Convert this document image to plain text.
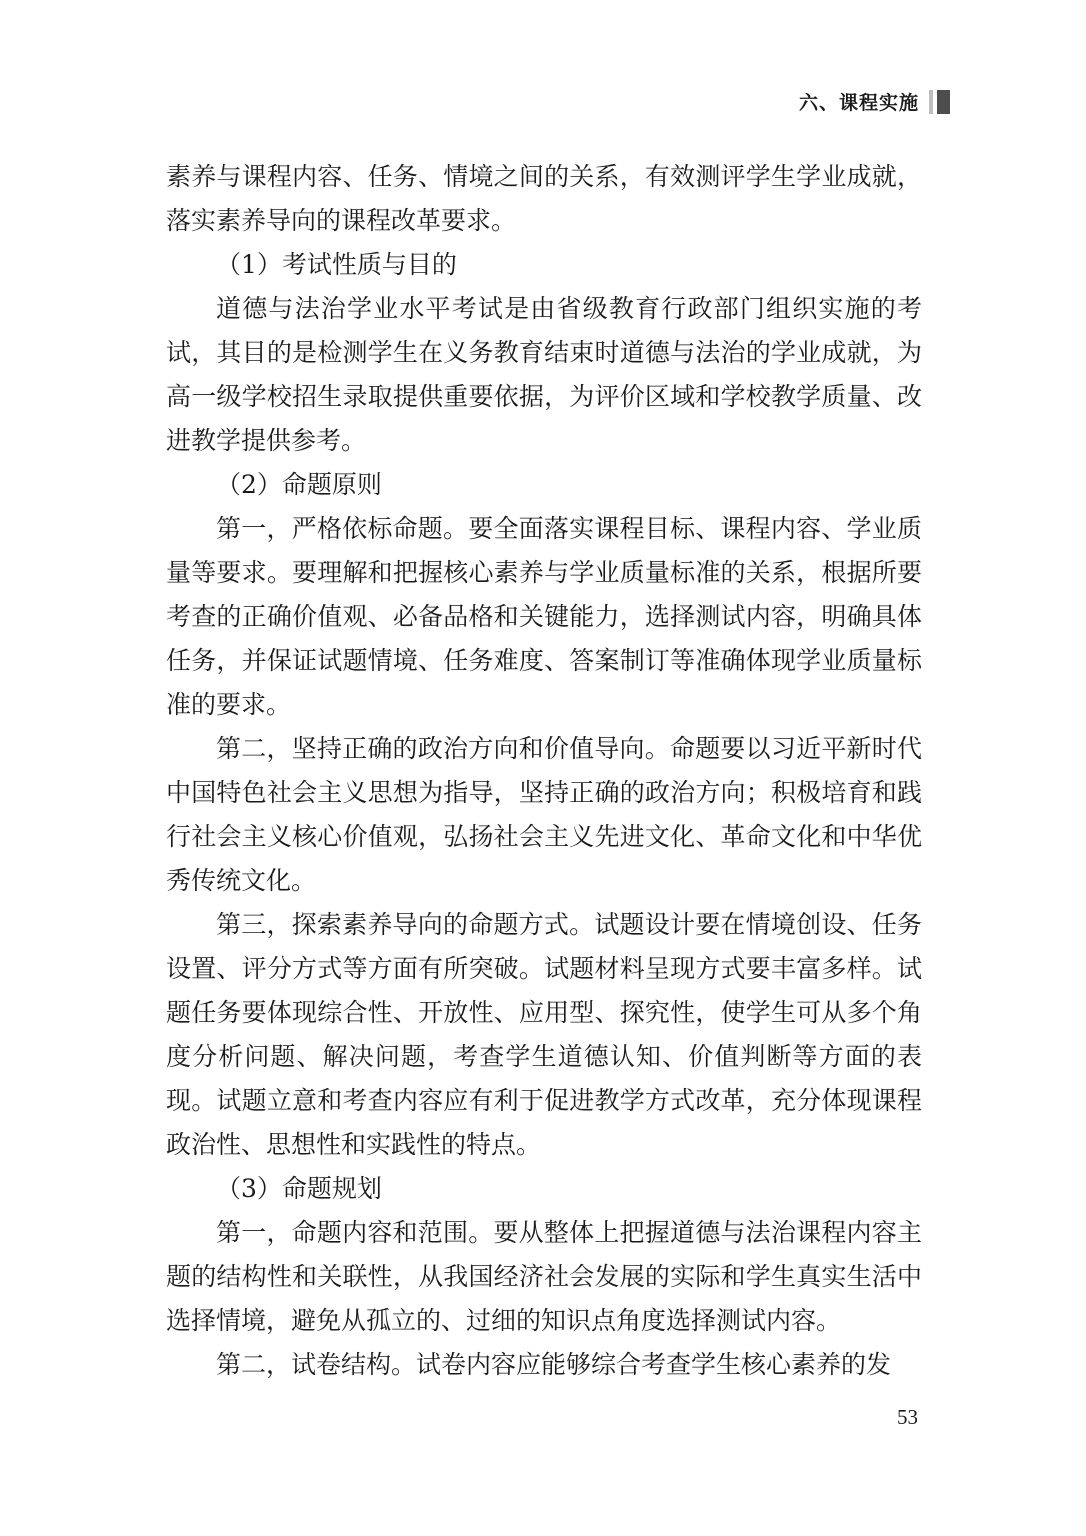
六、课程实施

素养与课程内容、任务、情境之间的关系，有效测评学生学业成就，落实素养导向的课程改革要求。

（1）考试性质与目的

道德与法治学业水平考试是由省级教育行政部门组织实施的考试，其目的是检测学生在义务教育结束时道德与法治的学业成就，为高一级学校招生录取提供重要依据，为评价区域和学校教学质量、改进教学提供参考。

（2）命题原则

第一，严格依标命题。要全面落实课程目标、课程内容、学业质量等要求。要理解和把握核心素养与学业质量标准的关系，根据所要考查的正确价值观、必备品格和关键能力，选择测试内容，明确具体任务，并保证试题情境、任务难度、答案制订等准确体现学业质量标准的要求。

第二，坚持正确的政治方向和价值导向。命题要以习近平新时代中国特色社会主义思想为指导，坚持正确的政治方向；积极培育和践行社会主义核心价值观，弘扬社会主义先进文化、革命文化和中华优秀传统文化。

第三，探索素养导向的命题方式。试题设计要在情境创设、任务设置、评分方式等方面有所突破。试题材料呈现方式要丰富多样。试题任务要体现综合性、开放性、应用型、探究性，使学生可从多个角度分析问题、解决问题，考查学生道德认知、价值判断等方面的表现。试题立意和考查内容应有利于促进教学方式改革，充分体现课程政治性、思想性和实践性的特点。

（3）命题规划

第一，命题内容和范围。要从整体上把握道德与法治课程内容主题的结构性和关联性，从我国经济社会发展的实际和学生真实生活中选择情境，避免从孤立的、过细的知识点角度选择测试内容。

第二，试卷结构。试卷内容应能够综合考查学生核心素养的发

53
